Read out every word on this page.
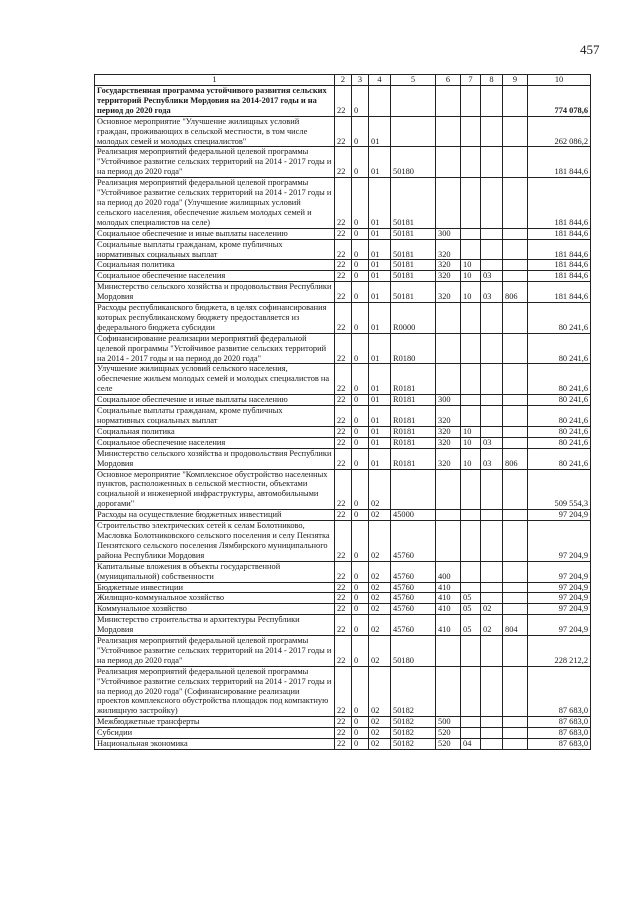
457
1	2	3	4	5	6	7	8	9	10
Государственная программа устойчивого развития сельских территорий Республики Мордовия на 2014-2017 годы и на период до 2020 года	22	0							774 078,6
Основное мероприятие "Улучшение жилищных условий граждан, проживающих в сельской местности, в том числе молодых семей и молодых специалистов"	22	0	01						262 086,2
Реализация мероприятий федеральной целевой программы "Устойчивое развитие сельских территорий на 2014 - 2017 годы и на период до 2020 года"	22	0	01	50180					181 844,6
Реализация мероприятий федеральной целевой программы "Устойчивое развитие сельских территорий на 2014 - 2017 годы и на период до 2020 года" (Улучшение жилищных условий сельского населения, обеспечение жильем молодых семей и молодых специалистов на селе)	22	0	01	50181					181 844,6
Социальное обеспечение и иные выплаты населению	22	0	01	50181	300				181 844,6
Социальные выплаты гражданам, кроме публичных нормативных социальных выплат	22	0	01	50181	320				181 844,6
Социальная политика	22	0	01	50181	320	10			181 844,6
Социальное обеспечение населения	22	0	01	50181	320	10	03		181 844,6
Министерство сельского хозяйства и продовольствия Республики Мордовия	22	0	01	50181	320	10	03	806	181 844,6
Расходы республиканского бюджета, в целях софинансирования которых республиканскому бюджету предоставляется из федерального бюджета субсидии	22	0	01	R0000					80 241,6
Софинансирование реализации мероприятий федеральной целевой программы "Устойчивое развитие сельских территорий на 2014 - 2017 годы и на период до 2020 года"	22	0	01	R0180					80 241,6
Улучшение жилищных условий сельского населения, обеспечение жильем молодых семей и молодых специалистов на селе	22	0	01	R0181					80 241,6
Социальное обеспечение и иные выплаты населению	22	0	01	R0181	300				80 241,6
Социальные выплаты гражданам, кроме публичных нормативных социальных выплат	22	0	01	R0181	320				80 241,6
Социальная политика	22	0	01	R0181	320	10			80 241,6
Социальное обеспечение населения	22	0	01	R0181	320	10	03		80 241,6
Министерство сельского хозяйства и продовольствия Республики Мордовия	22	0	01	R0181	320	10	03	806	80 241,6
Основное мероприятие "Комплексное обустройство населенных пунктов, расположенных в сельской местности, объектами социальной и инженерной инфраструктуры, автомобильными дорогами"	22	0	02						509 554,3
Расходы на осуществление бюджетных инвестиций	22	0	02	45000					97 204,9
Строительство электрических сетей к селам Болотниково, Масловка Болотниковского сельского поселения и селу Пензятка Пензятского сельского поселения Лямбирского муниципального района Республики Мордовия	22	0	02	45760					97 204,9
Капитальные вложения в объекты государственной (муниципальной) собственности	22	0	02	45760	400				97 204,9
Бюджетные инвестиции	22	0	02	45760	410				97 204,9
Жилищно-коммунальное хозяйство	22	0	02	45760	410	05			97 204,9
Коммунальное хозяйство	22	0	02	45760	410	05	02		97 204,9
Министерство строительства и архитектуры Республики Мордовия	22	0	02	45760	410	05	02	804	97 204,9
Реализация мероприятий федеральной целевой программы "Устойчивое развитие сельских территорий на 2014 - 2017 годы и на период до 2020 года"	22	0	02	50180					228 212,2
Реализация мероприятий федеральной целевой программы "Устойчивое развитие сельских территорий на 2014 - 2017 годы и на период до 2020 года" (Софинансирование реализации проектов комплексного обустройства площадок под компактную жилищную застройку)	22	0	02	50182					87 683,0
Межбюджетные трансферты	22	0	02	50182	500				87 683,0
Субсидии	22	0	02	50182	520				87 683,0
Национальная экономика	22	0	02	50182	520	04			87 683,0
